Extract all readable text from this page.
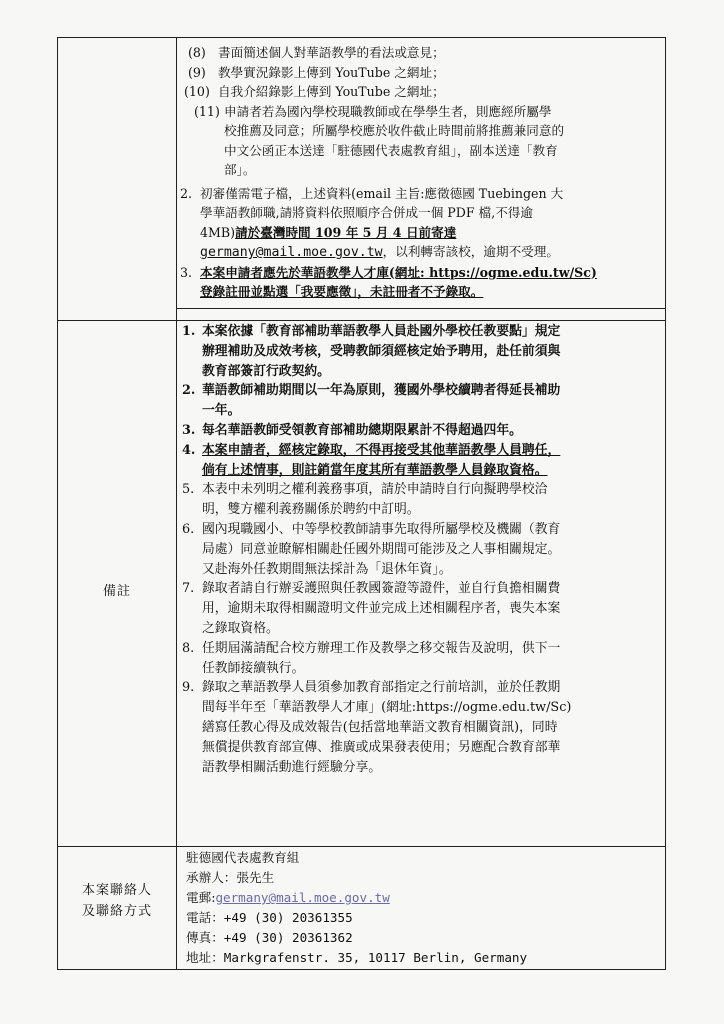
(8) 書面簡述個人對華語教學的看法或意見；
(9) 教學實況錄影上傳到 YouTube 之網址；
(10) 自我介紹錄影上傳到 YouTube 之網址；
(11) 申請者若為國內學校現職教師或在學學生者，則應經所屬學
校推薦及同意；所屬學校應於收件截止時間前將推薦兼同意的
中文公函正本送達「駐德國代表處教育組」，副本送達「教育
部」。
2. 初審僅需電子檔，上述資料(email 主旨:應徵德國 Tuebingen 大
學華語教師職,請將資料依照順序合併成一個 PDF 檔,不得逾
4MB)請於臺灣時間 109 年 5 月 4 日前寄達
germany@mail.moe.gov.tw，以利轉寄該校，逾期不受理。
3. 本案申請者應先於華語教學人才庫(網址: https://ogme.edu.tw/Sc)
登錄註冊並點選「我要應徵」，未註冊者不予錄取。
備註
1. 本案依據「教育部補助華語教學人員赴國外學校任教要點」規定
辦理補助及成效考核，受聘教師須經核定始予聘用，赴任前須與
教育部簽訂行政契約。
2. 華語教師補助期間以一年為原則，獲國外學校續聘者得延長補助
一年。
3. 每名華語教師受領教育部補助總期限累計不得超過四年。
4. 本案申請者，經核定錄取，不得再接受其他華語教學人員聘任，
倘有上述情事，則註銷當年度其所有華語教學人員錄取資格。
5. 本表中未列明之權利義務事項，請於申請時自行向擬聘學校洽
明，雙方權利義務關係於聘約中訂明。
6. 國內現職國小、中等學校教師請事先取得所屬學校及機關（教育
局處）同意並瞭解相關赴任國外期間可能涉及之人事相關規定。
又赴海外任教期間無法採計為「退休年資」。
7. 錄取者請自行辦妥護照與任教國簽證等證件，並自行負擔相關費
用，逾期未取得相關證明文件並完成上述相關程序者，喪失本案
之錄取資格。
8. 任期屆滿請配合校方辦理工作及教學之移交報告及說明，供下一
任教師接續執行。
9. 錄取之華語教學人員須參加教育部指定之行前培訓，並於任教期
間每半年至「華語教學人才庫」(網址:https://ogme.edu.tw/Sc)
繕寫任教心得及成效報告(包括當地華語文教育相關資訊)，同時
無償提供教育部宣傳、推廣或成果發表使用；另應配合教育部華
語教學相關活動進行經驗分享。
本案聯絡人
及聯絡方式
駐德國代表處教育組
承辦人：張先生
電郵:germany@mail.moe.gov.tw
電話：+49 (30) 20361355
傳真：+49 (30) 20361362
地址：Markgrafenstr. 35, 10117 Berlin, Germany
